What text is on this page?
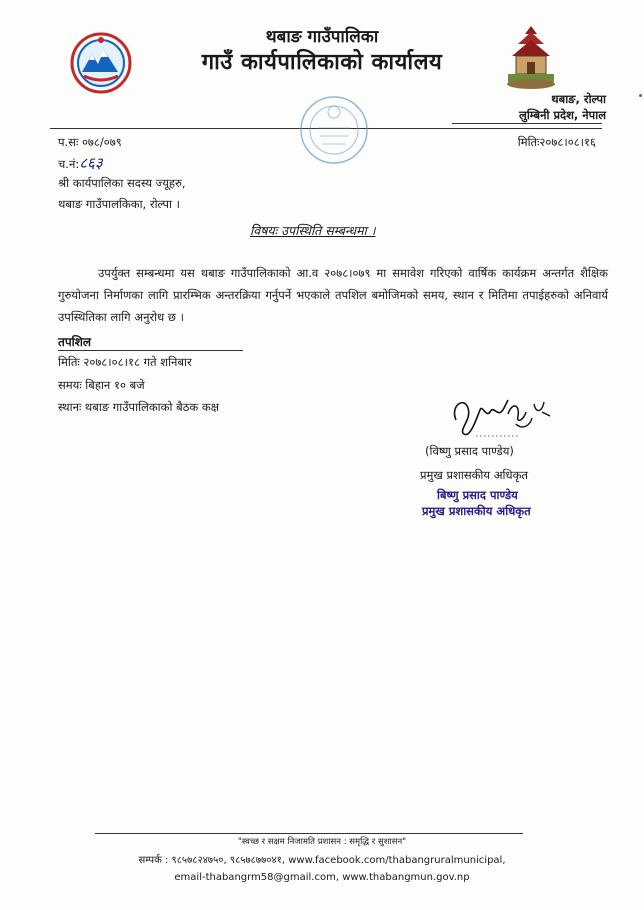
थबाङ गाउँपालिका
गाउँ कार्यपालिकाको कार्यालय
थबाङ, रोल्पा
लुम्बिनी प्रदेश, नेपाल
प.सः ०७८/०७९	मितिः२०७८।०८।१६
च.नं:८६३
श्री कार्यपालिका सदस्य ज्यूहरु,
थबाङ गाउँपालकिका, रोल्पा ।
विषयः उपस्थिति सम्बन्धमा ।
उपर्युक्त सम्बन्धमा यस थबाङ गाउँपालिकाको आ.व २०७८।०७९ मा समावेश गरिएको वार्षिक कार्यक्रम अन्तर्गत शैक्षिक गुरुयोजना निर्माणका लागि प्रारम्भिक अन्तरक्रिया गर्नुपर्ने भएकाले तपशिल बमोजिमको समय, स्थान र मितिमा तपाईहरुको अनिवार्य उपस्थितिका लागि अनुरोध छ ।
तपशिल
मितिः २०७८।०८।१८ गते शनिबार
समयः बिहान १० बजे
स्थानः थबाङ गाउँपालिकाको बैठक कक्ष
(विष्णु प्रसाद पाण्डेय)
प्रमुख प्रशासकीय अधिकृत
बिष्णु प्रसाद पाण्डेय
प्रमुख प्रशासकीय अधिकृत
"स्वच्छ र सक्षम निजामति प्रशासन : समृद्धि र सुशासन"
सम्पर्क : ९८५७८२४७५०, ९८५७८७७०४१, www.facebook.com/thabangruralmunicipal,
email-thabangrm58@gmail.com, www.thabangmun.gov.np
